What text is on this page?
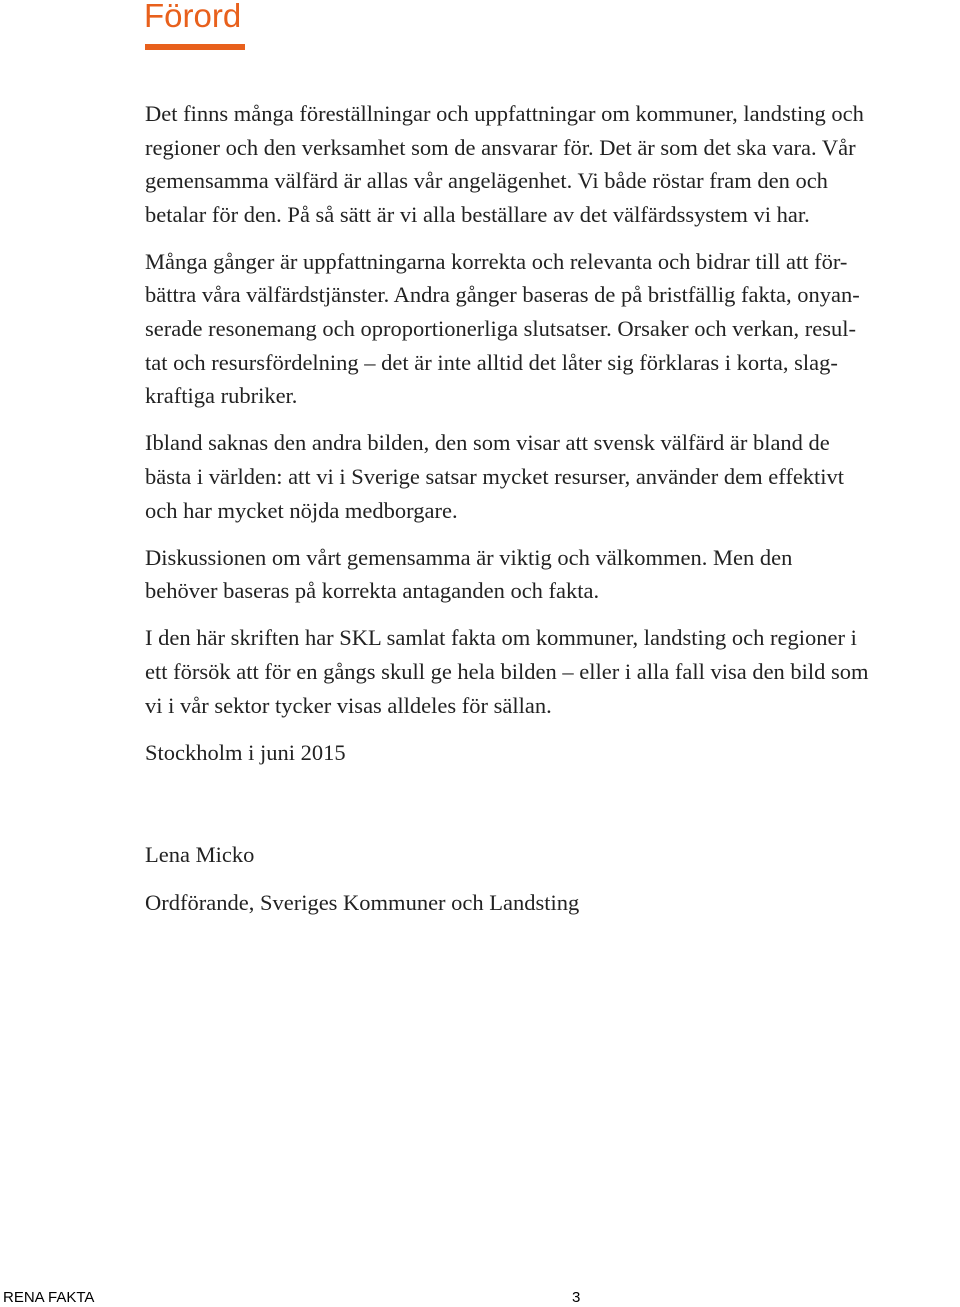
Förord

Det finns många föreställningar och uppfattningar om kommuner, landsting och
regioner och den verksamhet som de ansvarar för. Det är som det ska vara. Vår
gemensamma välfärd är allas vår angelägenhet. Vi både röstar fram den och
betalar för den. På så sätt är vi alla beställare av det välfärdssystem vi har.

Många gånger är uppfattningarna korrekta och relevanta och bidrar till att för-
bättra våra välfärdstjänster. Andra gånger baseras de på bristfällig fakta, onyan-
serade resonemang och oproportionerliga slutsatser. Orsaker och verkan, resul-
tat och resursfördelning – det är inte alltid det låter sig förklaras i korta, slag-
kraftiga rubriker.

Ibland saknas den andra bilden, den som visar att svensk välfärd är bland de
bästa i världen: att vi i Sverige satsar mycket resurser, använder dem effektivt
och har mycket nöjda medborgare.

Diskussionen om vårt gemensamma är viktig och välkommen. Men den
behöver baseras på korrekta antaganden och fakta.

I den här skriften har SKL samlat fakta om kommuner, landsting och regioner i
ett försök att för en gångs skull ge hela bilden – eller i alla fall visa den bild som
vi i vår sektor tycker visas alldeles för sällan.

Stockholm i juni 2015

Lena Micko

Ordförande, Sveriges Kommuner och Landsting

RENA FAKTA	3
